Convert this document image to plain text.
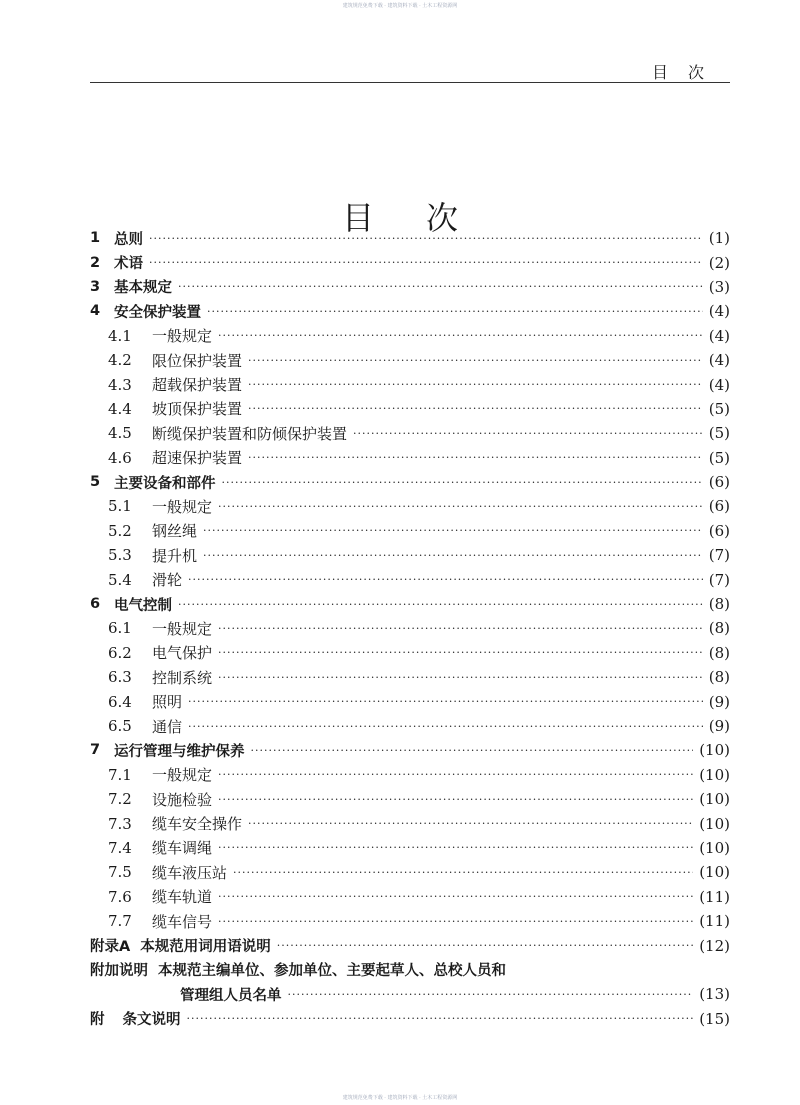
建筑规范免费下载 · 建筑资料下载 · 土木工程资源网
目次
目次
1 总则 ·····	(1)
2 术语 ·····	(2)
3 基本规定 ·····	(3)
4 安全保护装置 ·····	(4)
4.1	一般规定 ·····	(4)
4.2	限位保护装置 ·····	(4)
4.3	超载保护装置 ·····	(4)
4.4	坡顶保护装置 ·····	(5)
4.5	断缆保护装置和防倾保护装置 ·····	(5)
4.6	超速保护装置 ·····	(5)
5 主要设备和部件 ·····	(6)
5.1	一般规定 ·····	(6)
5.2	钢丝绳 ·····	(6)
5.3	提升机 ·····	(7)
5.4	滑轮 ·····	(7)
6 电气控制 ·····	(8)
6.1	一般规定 ·····	(8)
6.2	电气保护 ·····	(8)
6.3	控制系统 ·····	(8)
6.4	照明 ·····	(9)
6.5	通信 ·····	(9)
7 运行管理与维护保养 ·····	(10)
7.1	一般规定 ·····	(10)
7.2	设施检验 ·····	(10)
7.3	缆车安全操作 ·····	(10)
7.4	缆车调绳 ·····	(10)
7.5	缆车液压站 ·····	(10)
7.6	缆车轨道 ·····	(11)
7.7	缆车信号 ·····	(11)
附录A 本规范用词用语说明 ·····	(12)
附加说明 本规范主编单位、参加单位、主要起草人、总校人员和
管理组人员名单 ·····	(13)
附 条文说明 ·····	(15)
建筑规范免费下载 · 建筑资料下载 · 土木工程资源网
